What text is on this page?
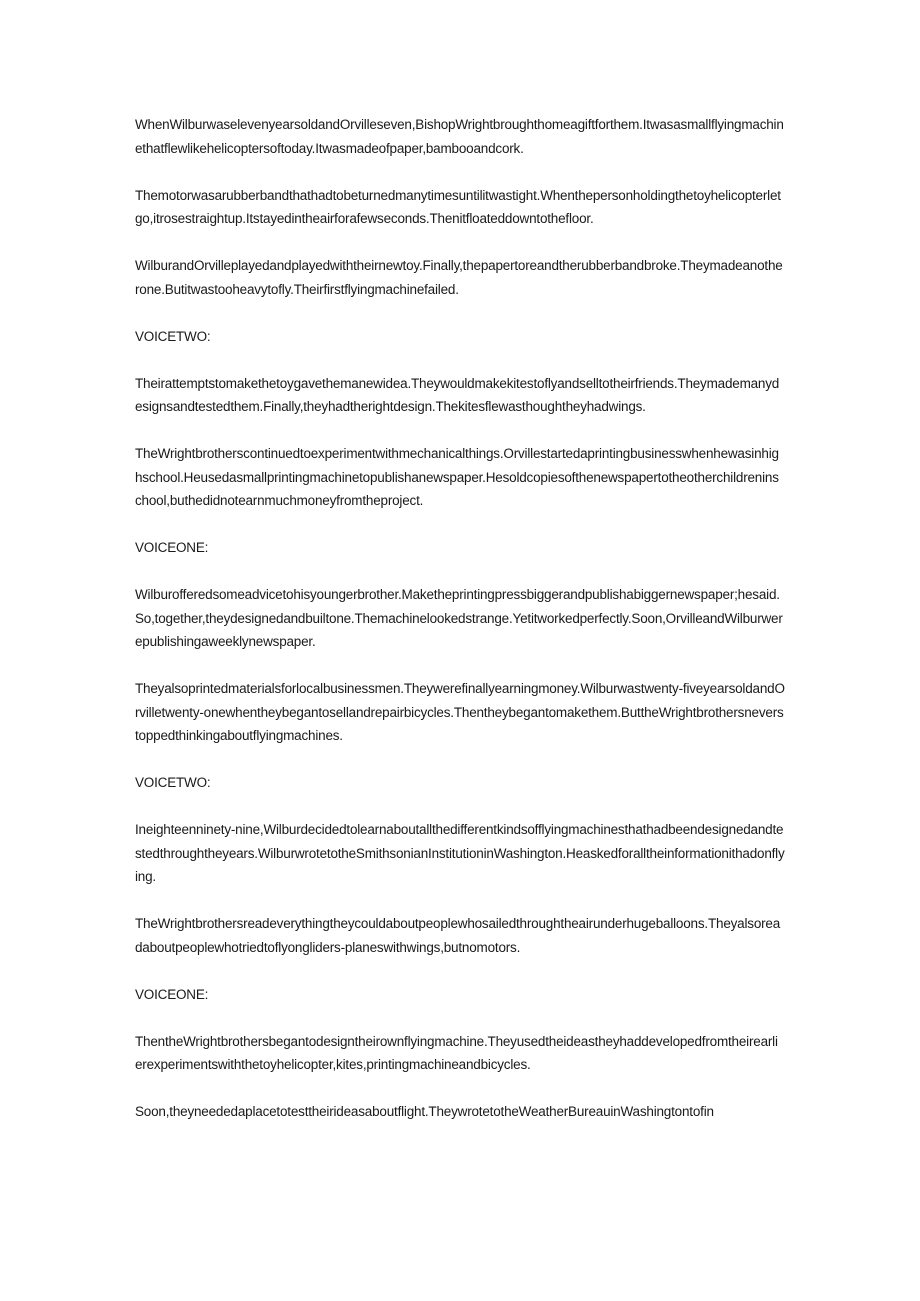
WhenWilburwaselevenyearsoldandOrvilleseven,BishopWrightbroughthomeagiftforthem.Itwasasmallflyingmachinethatflewlikehelicoptersoftoday.Itwasmadeofpaper,bambooandcork.

Themotorwasarubberbandthathadtobeturnedmanytimesuntilitwastight.Whenthepersonholdingthetoyhelicopterletgo,itrosestraightup.Itstayedintheairforafewseconds.Thenitfloateddowntothefloor.

WilburandOrvilleplayedandplayedwiththeirnewtoy.Finally,thepapertoreandtherubberbandbroke.Theymadeanotherone.Butitwastooheavytofly.Theirfirstflyingmachinefailed.

VOICETWO:

Theirattemptstomakethetoygavethemanewidea.Theywouldmakekitestoflyandselltotheirfriends.Theymademanydesignsandtestedthem.Finally,theyhadtherightdesign.Thekitesflewasthoughtheyhadwings.

TheWrightbrotherscontinuedtoexperimentwithmechanicalthings.Orvillestartedaprintingbusinesswhenhewasinhighschool.Heusedasmallprintingmachinetopublishanewspaper.Hesoldcopiesofthenewspapertotheotherchildreninschool,buthedidnotearnmuchmoneyfromtheproject.

VOICEONE:

Wilburofferedsomeadvicetohisyoungerbrother.Maketheprintingpressbiggerandpublishabiggernewspaper;hesaid.So,together,theydesignedandbuiltone.Themachinelookedstrange.Yetitworkedperfectly.Soon,OrvilleandWilburwerepublishingaweeklynewspaper.

Theyalsoprintedmaterialsforlocalbusinessmen.Theywerefinallyearningmoney.Wilburwastwenty-fiveyearsoldandOrvilletwenty-onewhentheybegantosellandrepairbicycles.Thentheybegantomakethem.ButtheWrightbrothersneverstoppedthinkingaboutflyingmachines.

VOICETWO:

Ineighteenninety-nine,Wilburdecidedtolearnaboutallthedifferentkindsofflyingmachinesthathadbeendesignedandtestedthroughtheyears.WilburwrotetotheSmithsonianInstitutioninWashington.Heaskedforalltheinformationithadonflying.

TheWrightbrothersreadeverythingtheycouldaboutpeoplewhosailedthroughtheairunderhugeballoons.Theyalsoreadaboutpeoplewhotriedtoflyongliders-planeswithwings,butnomotors.

VOICEONE:

ThentheWrightbrothersbegantodesigntheirownflyingmachine.Theyusedtheideastheyhaddevelopedfromtheirearlierexperimentswiththetoyhelicopter,kites,printingmachineandbicycles.

Soon,theyneededaplacetotesttheirideasaboutflight.TheywrotetotheWeatherBureauinWashingtontofin
